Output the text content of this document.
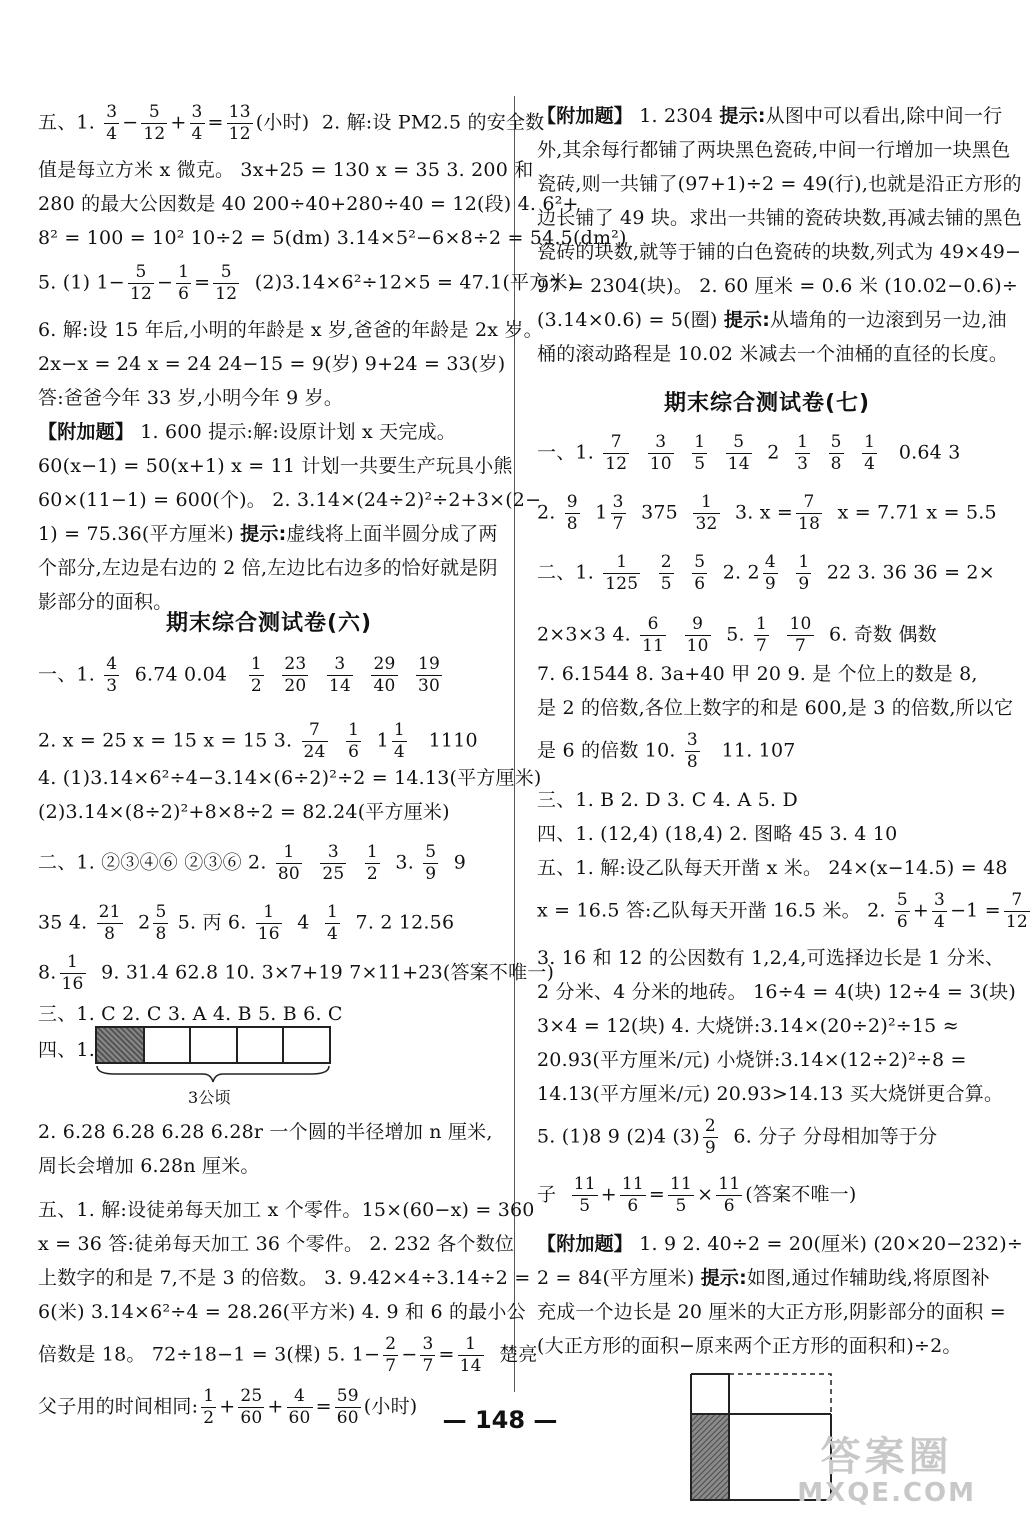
五、1. $\frac{3}{4} - \frac{5}{12} + \frac{3}{4} = \frac{13}{12}$ (小时) 2. 解:设 PM2.5 的安全数
值是每立方米 x 微克。 3x+25 = 130 x = 35 3. 200 和
280 的最大公因数是 40 200÷40+280÷40 = 12(段) 4. 6²+
8² = 100 = 10² 10÷2 = 5(dm) 3.14×5²−6×8÷2 = 54.5(dm²)
5. (1) $1- \frac{5}{12} - \frac{1}{6} = \frac{5}{12} (2)3.14\times 6^2\div 12\times 5 = 47.1$(平方米)
6. 解:设 15 年后,小明的年龄是 x 岁,爸爸的年龄是 2x 岁。
2x−x = 24 x = 24 24−15 = 9(岁) 9+24 = 33(岁)
答:爸爸今年 33 岁,小明今年 9 岁。
【附加题】 1. 600 提示:解:设原计划 x 天完成。
60(x−1) = 50(x+1) x = 11 计划一共要生产玩具小熊
60×(11−1) = 600(个)。 2. 3.14×(24÷2)²÷2+3×(2−
1) = 75.36(平方厘米) 提示:虚线将上面半圆分成了两
个部分,左边是右边的 2 倍,左边比右边多的恰好就是阴
影部分的面积。
期末综合测试卷(六)
一、1. $\frac{4}{3} 6.74$ $0.04 \frac{1}{2}$
$\frac{23}{20}$
$\frac{3}{14}$
$\frac{29}{40}$
$\frac{19}{30}$
2. x = 25 x = 15 x = 15 3. $\frac{7}{24}$
$\frac{1}{6} 1 \frac{1}{4} 1110$
4. (1)3.14×6²÷4−3.14×(6÷2)²÷2 = 14.13(平方厘米)
(2)3.14×(8÷2)²+8×8÷2 = 82.24(平方厘米)
二、1. ②③④⑥ ②③⑥ 2. $\frac{1}{80}$
$\frac{3}{25}$
$\frac{1}{2} 3$. $\frac{5}{9} 9$
35 4. $\frac{21}{8} 2 \frac{5}{8} 5$. 丙 6. $\frac{1}{16} 4 \frac{1}{4} 7$. 2 12.56
8. $\frac{1}{16} 9$. 31.4 62.8 10. 3×7+19 7×11+23(答案不唯一)
三、1. C 2. C 3. A 4. B 5. B 6. C
四、1.
3公顷
2. 6.28 6.28 6.28 6.28r 一个圆的半径增加 n 厘米,
周长会增加 6.28n 厘米。
五、1. 解:设徒弟每天加工 x 个零件。15×(60−x) = 360
x = 36 答:徒弟每天加工 36 个零件。 2. 232 各个数位
上数字的和是 7,不是 3 的倍数。 3. 9.42×4÷3.14÷2 =
6(米) 3.14×6²÷4 = 28.26(平方米) 4. 9 和 6 的最小公
倍数是 18。 72÷18−1 = 3(棵) 5. $1- \frac{2}{7} - \frac{3}{7} = \frac{1}{14}$ 楚亮
父子用的时间相同: $\frac{1}{2} + \frac{25}{60} + \frac{4}{60} = \frac{59}{60}$ (小时)
【附加题】 1. 2304 提示:从图中可以看出,除中间一行
外,其余每行都铺了两块黑色瓷砖,中间一行增加一块黑色
瓷砖,则一共铺了(97+1)÷2 = 49(行),也就是沿正方形的
边长铺了 49 块。求出一共铺的瓷砖块数,再减去铺的黑色
瓷砖的块数,就等于铺的白色瓷砖的块数,列式为 49×49−
97 = 2304(块)。 2. 60 厘米 = 0.6 米 (10.02−0.6)÷
(3.14×0.6) = 5(圈) 提示:从墙角的一边滚到另一边,油
桶的滚动路程是 10.02 米减去一个油桶的直径的长度。
期末综合测试卷(七)
一、1. $\frac{7}{12}$
$\frac{3}{10}$
$\frac{1}{5}$
$\frac{5}{14} 2 \frac{1}{3}$
$\frac{5}{8}$
$\frac{1}{4} 0.64$ 3
2. $\frac{9}{8} 1 \frac{3}{7} 375 \frac{1}{32} 3$. $x = \frac{7}{18}$ x = 7.71 x = 5.5
二、1. $\frac{1}{125}$
$\frac{2}{5}$
$\frac{5}{6} 2$. $2 \frac{4}{9}$
$\frac{1}{9} 22$ 3. 36 36 = 2×
2×3×3 4. $\frac{6}{11}$
$\frac{9}{10} 5$. $\frac{1}{7}$
$\frac{10}{7} 6$. 奇数 偶数
7. 6.1544 8. 3a+40 甲 20 9. 是 个位上的数是 8,
是 2 的倍数,各位上数字的和是 600,是 3 的倍数,所以它
是 6 的倍数 10. $\frac{3}{8} 11$. 107
三、1. B 2. D 3. C 4. A 5. D
四、1. (12,4) (18,4) 2. 图略 45 3. 4 10
五、1. 解:设乙队每天开凿 x 米。 24×(x−14.5) = 48
x = 16.5 答:乙队每天开凿 16.5 米。 2. $\frac{5}{6} + \frac{3}{4} -1 = \frac{7}{12}$
3. 16 和 12 的公因数有 1,2,4,可选择边长是 1 分米、
2 分米、4 分米的地砖。 16÷4 = 4(块) 12÷4 = 3(块)
3×4 = 12(块) 4. 大烧饼:3.14×(20÷2)²÷15 ≈
20.93(平方厘米/元) 小烧饼:3.14×(12÷2)²÷8 =
14.13(平方厘米/元) 20.93>14.13 买大烧饼更合算。
5. (1)8 9 (2)4 $(3) \frac{2}{9} 6$. 分子 分母相加等于分
子 $\frac{11}{5} + \frac{11}{6} = \frac{11}{5} \times \frac{11}{6}$ (答案不唯一)
【附加题】 1. 9 2. 40÷2 = 20(厘米) (20×20−232)÷
2 = 84(平方厘米) 提示:如图,通过作辅助线,将原图补
充成一个边长是 20 厘米的大正方形,阴影部分的面积 =
(大正方形的面积−原来两个正方形的面积和)÷2。
— 148 —
答案圈
MXQE.COM
